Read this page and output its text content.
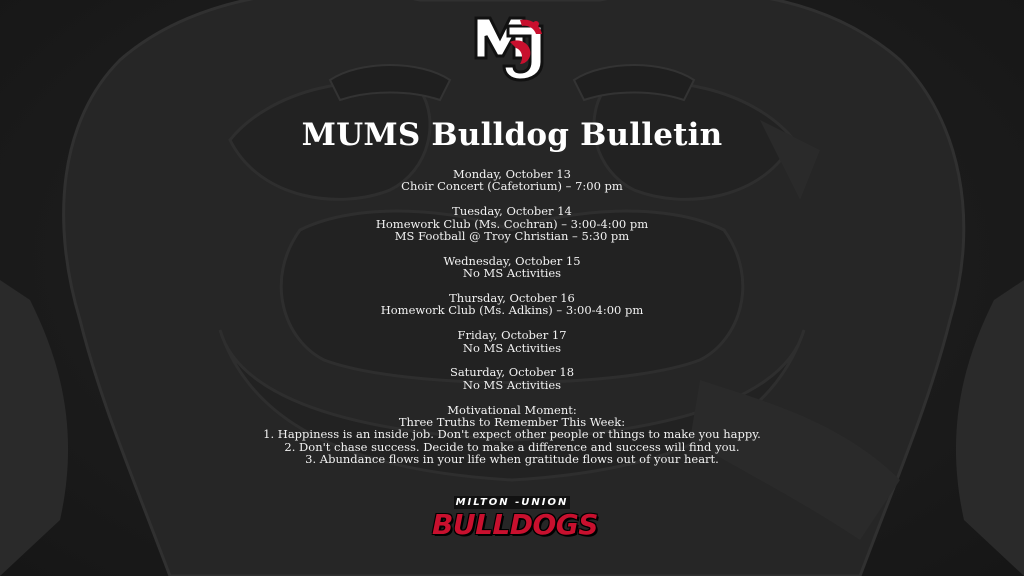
MUMS Bulldog Bulletin
Monday, October 13
Choir Concert (Cafetorium) – 7:00 pm
Tuesday, October 14
Homework Club (Ms. Cochran) – 3:00-4:00 pm
MS Football @ Troy Christian – 5:30 pm
Wednesday, October 15
No MS Activities
Thursday, October 16
Homework Club (Ms. Adkins) – 3:00-4:00 pm
Friday, October 17
No MS Activities
Saturday, October 18
No MS Activities
Motivational Moment:
Three Truths to Remember This Week:
1. Happiness is an inside job. Don't expect other people or things to make you happy.
2. Don't chase success. Decide to make a difference and success will find you.
3. Abundance flows in your life when gratitude flows out of your heart.
MILTON -UNION
BULLDOGS
